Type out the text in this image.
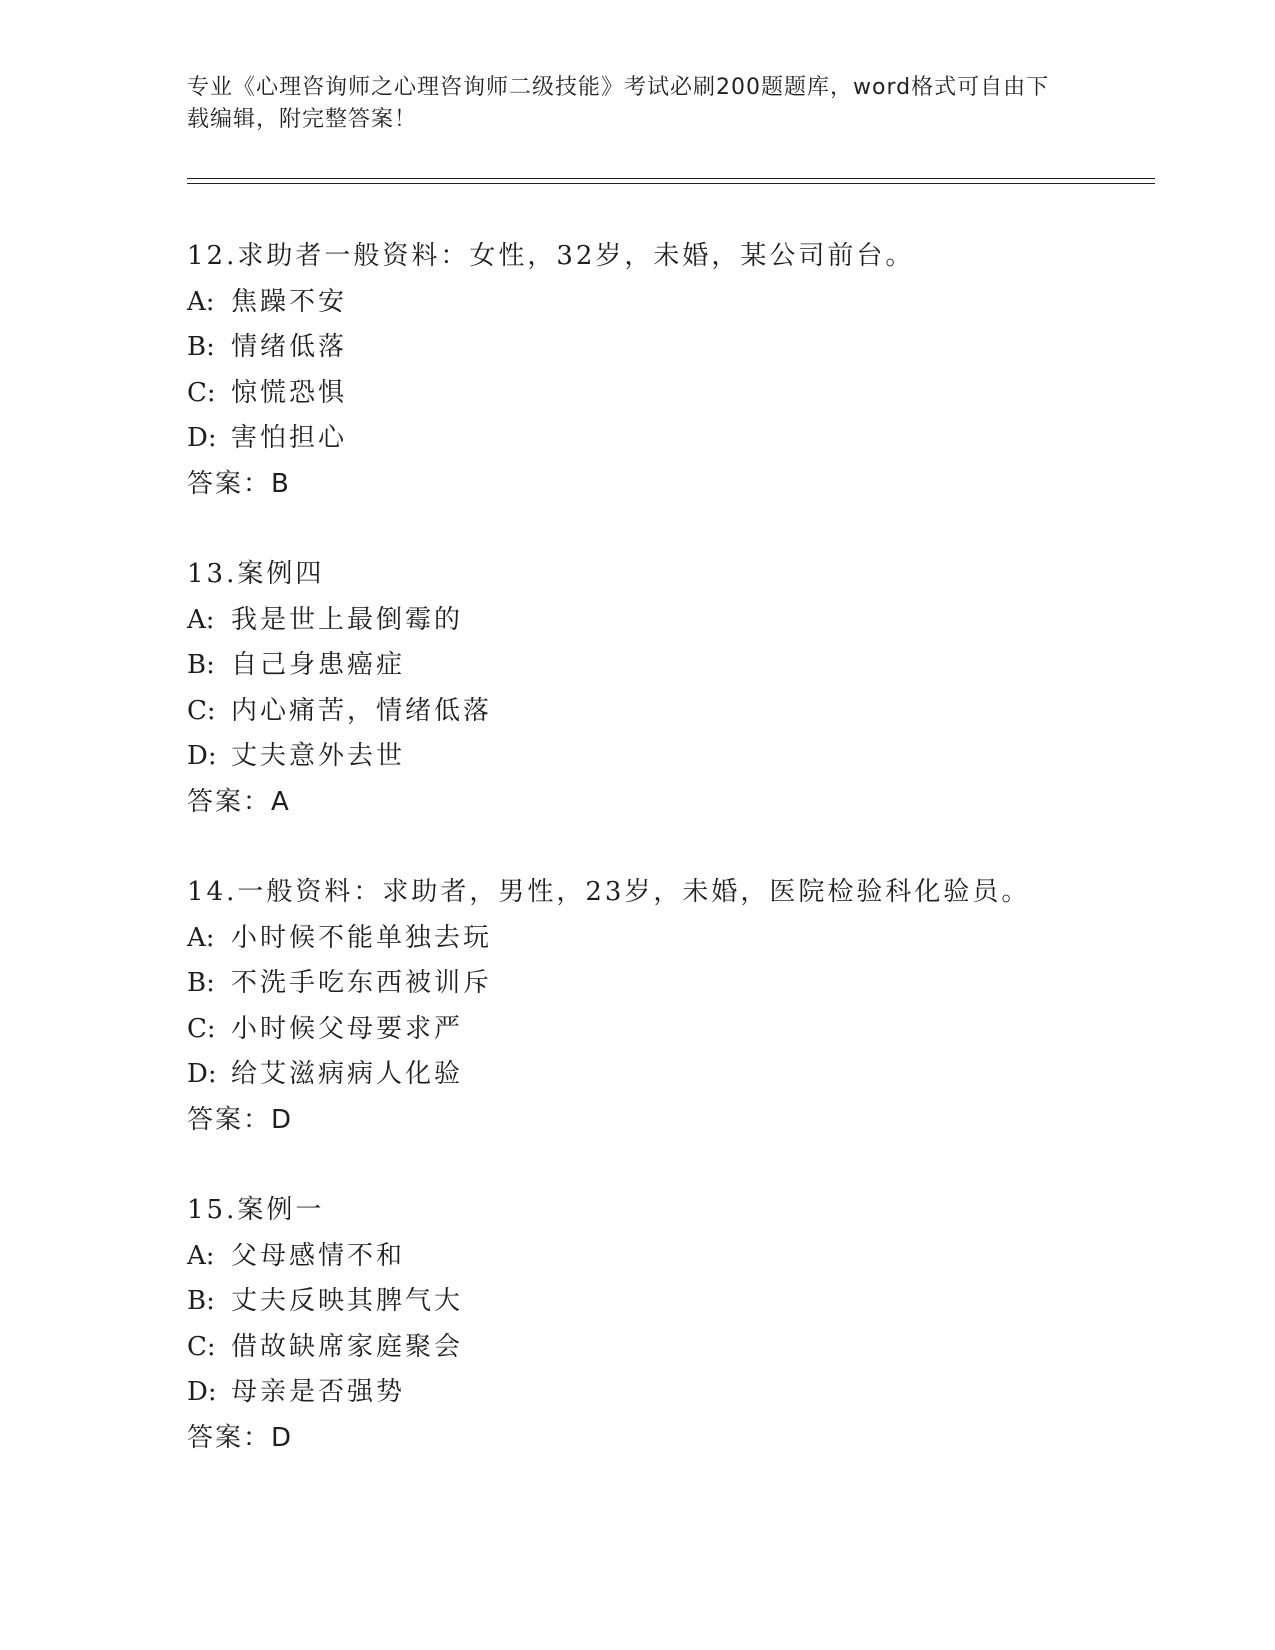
专业《心理咨询师之心理咨询师二级技能》考试必刷200题题库，word格式可自由下载编辑，附完整答案！
12.求助者一般资料：女性，32岁，未婚，某公司前台。
A: 焦躁不安
B: 情绪低落
C: 惊慌恐惧
D: 害怕担心
答案：B
13.案例四
A: 我是世上最倒霉的
B: 自己身患癌症
C: 内心痛苦，情绪低落
D: 丈夫意外去世
答案：A
14.一般资料：求助者，男性，23岁，未婚，医院检验科化验员。
A: 小时候不能单独去玩
B: 不洗手吃东西被训斥
C: 小时候父母要求严
D: 给艾滋病病人化验
答案：D
15.案例一
A: 父母感情不和
B: 丈夫反映其脾气大
C: 借故缺席家庭聚会
D: 母亲是否强势
答案：D
